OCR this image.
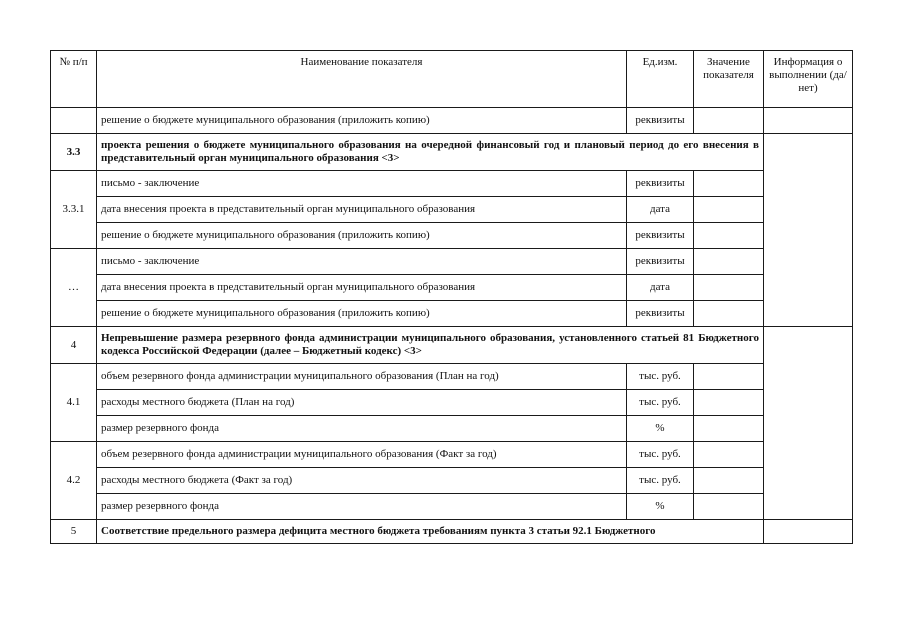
№ п/п	Наименование показателя	Ед.изм.	Значение показателя	Информация о выполнении (да/ нет)
	решение о бюджете муниципального образования (приложить копию)	реквизиты		
3.3	проекта решения о бюджете муниципального образования на очередной финансовый год и плановый период до его внесения в представительный орган муниципального образования <3>			
3.3.1	письмо - заключение	реквизиты		
	дата внесения проекта в представительный орган муниципального образования	дата		
	решение о бюджете муниципального образования (приложить копию)	реквизиты		
…	письмо - заключение	реквизиты		
	дата внесения проекта в представительный орган муниципального образования	дата		
	решение о бюджете муниципального образования (приложить копию)	реквизиты		
4	Непревышение размера резервного фонда администрации муниципального образования, установленного статьей 81 Бюджетного кодекса Российской Федерации (далее – Бюджетный кодекс) <3>			
4.1	объем резервного фонда администрации муниципального образования (План на год)	тыс. руб.		
	расходы местного бюджета (План на год)	тыс. руб.		
	размер резервного фонда	%		
4.2	объем резервного фонда администрации муниципального образования (Факт за год)	тыс. руб.		
	расходы местного бюджета (Факт за год)	тыс. руб.		
	размер резервного фонда	%		
5	Соответствие предельного размера дефицита местного бюджета требованиям пункта 3 статьи 92.1 Бюджетного			
